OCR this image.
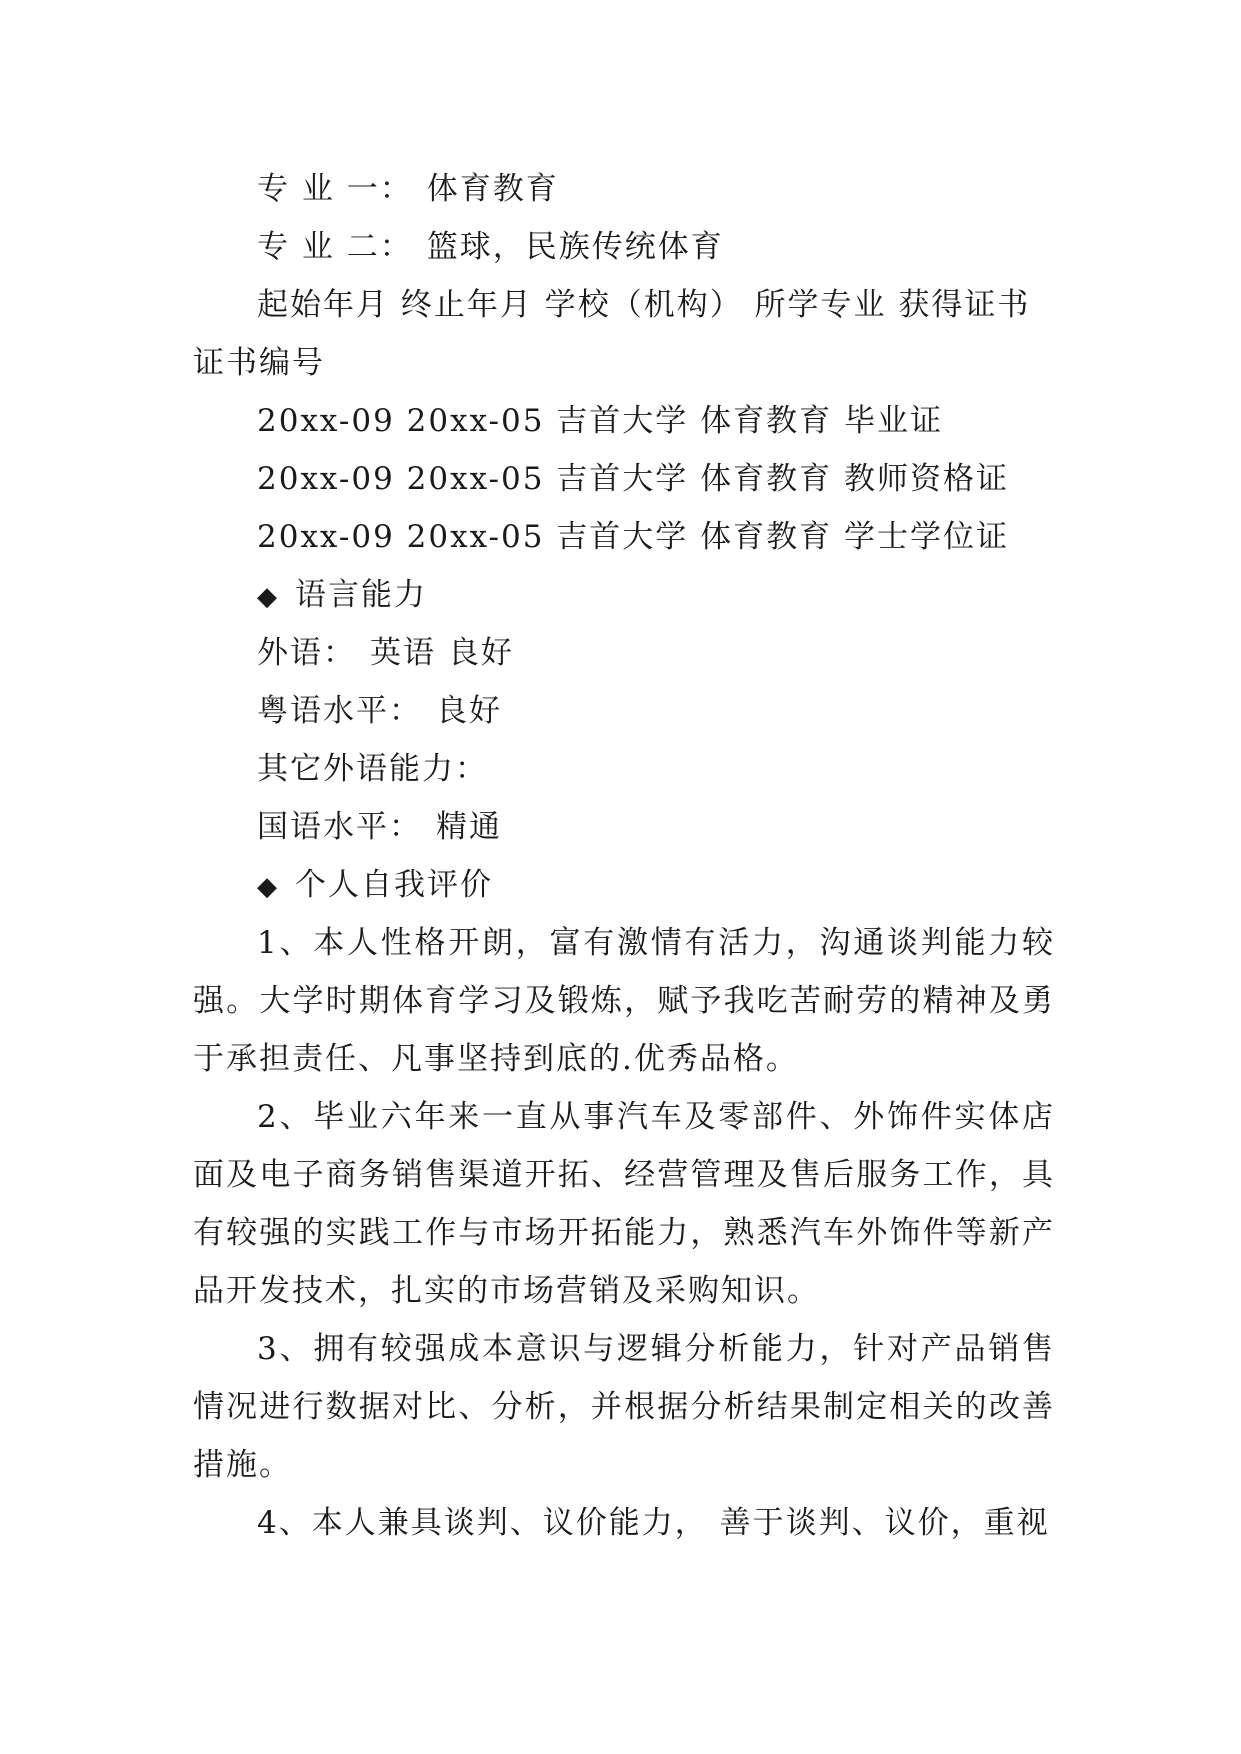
专 业 一： 体育教育
专 业 二： 篮球，民族传统体育
起始年月 终止年月 学校（机构） 所学专业 获得证书
证书编号
20xx-09 20xx-05 吉首大学 体育教育 毕业证
20xx-09 20xx-05 吉首大学 体育教育 教师资格证
20xx-09 20xx-05 吉首大学 体育教育 学士学位证
◆ 语言能力
外语： 英语 良好
粤语水平： 良好
其它外语能力：
国语水平： 精通
◆ 个人自我评价
1、本人性格开朗，富有激情有活力，沟通谈判能力较强。大学时期体育学习及锻炼，赋予我吃苦耐劳的精神及勇于承担责任、凡事坚持到底的.优秀品格。
2、毕业六年来一直从事汽车及零部件、外饰件实体店面及电子商务销售渠道开拓、经营管理及售后服务工作，具有较强的实践工作与市场开拓能力，熟悉汽车外饰件等新产品开发技术，扎实的市场营销及采购知识。
3、拥有较强成本意识与逻辑分析能力，针对产品销售情况进行数据对比、分析，并根据分析结果制定相关的改善措施。
4、本人兼具谈判、议价能力， 善于谈判、议价，重视
